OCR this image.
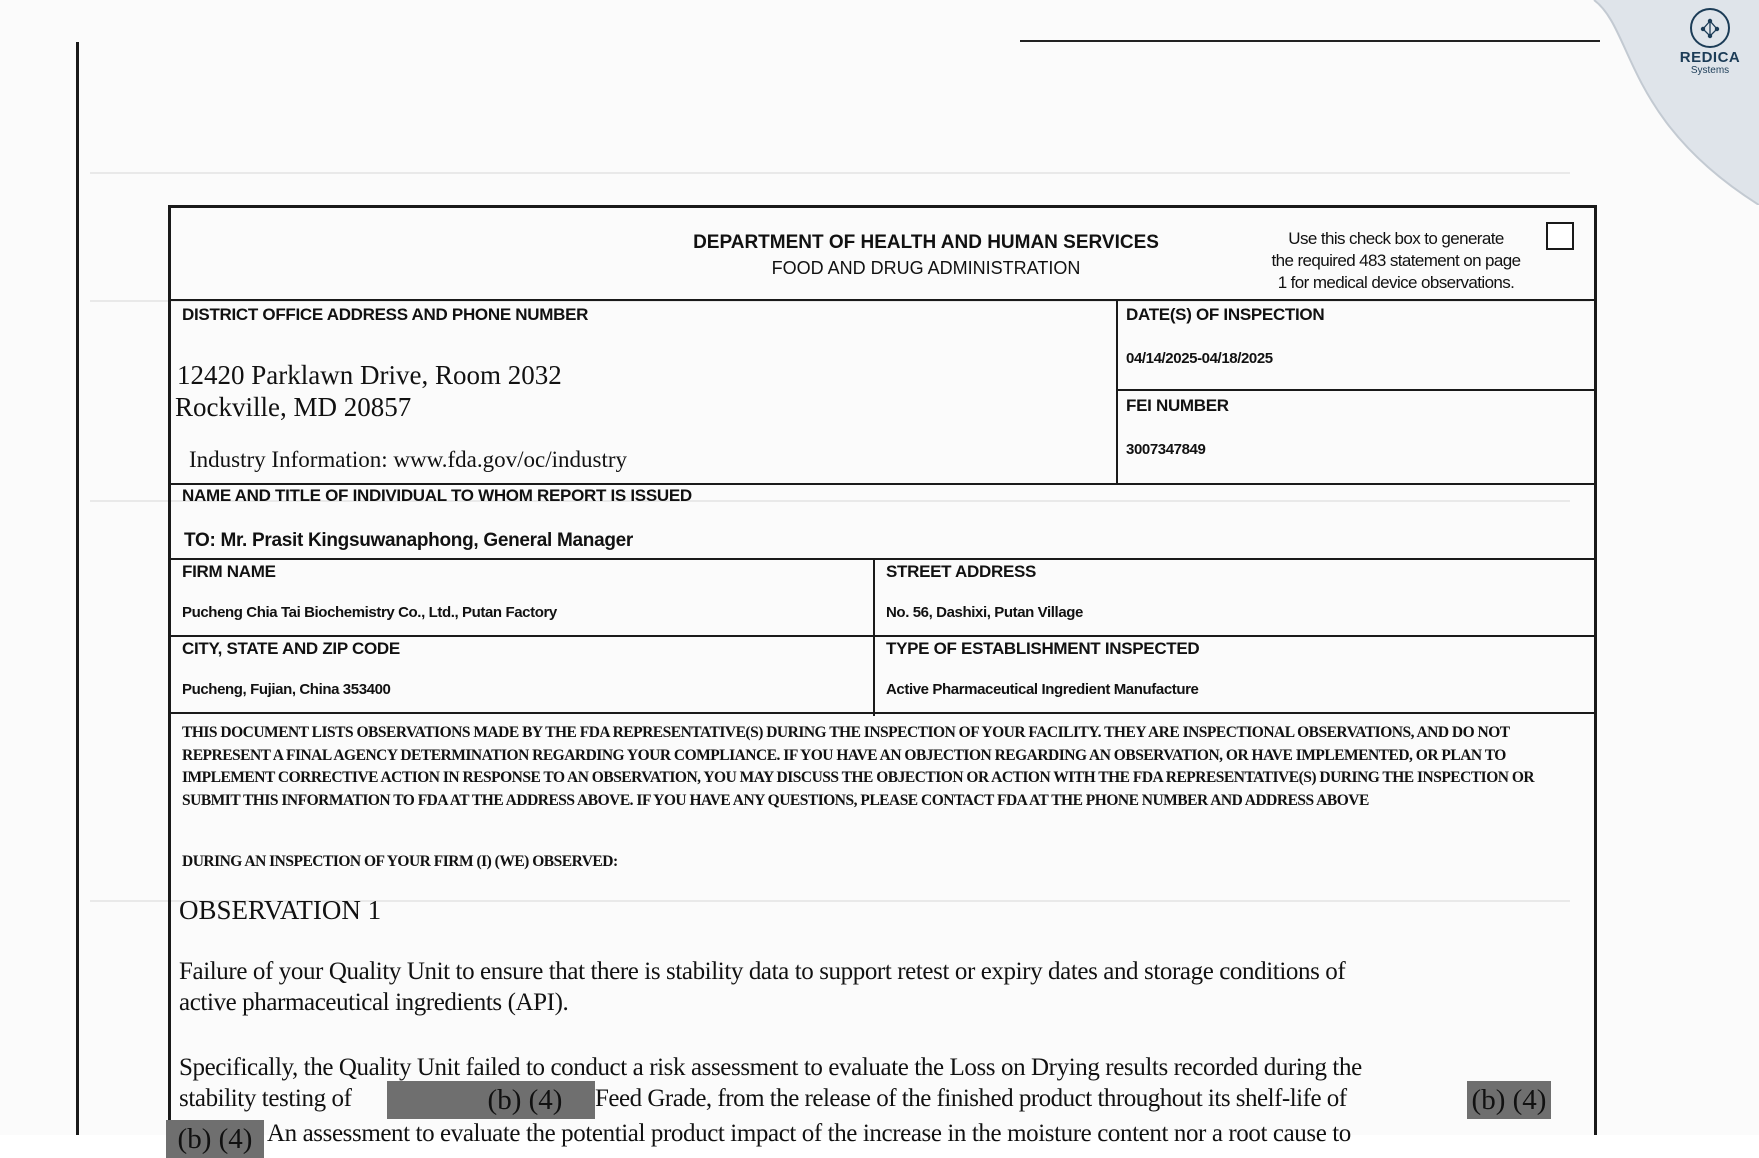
REDICA
Systems
DEPARTMENT OF HEALTH AND HUMAN SERVICES
FOOD AND DRUG ADMINISTRATION
Use this check box to generate
the required 483 statement on page
1 for medical device observations.
DISTRICT OFFICE ADDRESS AND PHONE NUMBER
12420 Parklawn Drive, Room 2032
Rockville, MD 20857
Industry Information: www.fda.gov/oc/industry
DATE(S) OF INSPECTION
04/14/2025-04/18/2025
FEI NUMBER
3007347849
NAME AND TITLE OF INDIVIDUAL TO WHOM REPORT IS ISSUED
TO: Mr. Prasit Kingsuwanaphong, General Manager
FIRM NAME
Pucheng Chia Tai Biochemistry Co., Ltd., Putan Factory
STREET ADDRESS
No. 56, Dashixi, Putan Village
CITY, STATE AND ZIP CODE
Pucheng, Fujian, China 353400
TYPE OF ESTABLISHMENT INSPECTED
Active Pharmaceutical Ingredient Manufacture
THIS DOCUMENT LISTS OBSERVATIONS MADE BY THE FDA REPRESENTATIVE(S) DURING THE INSPECTION OF YOUR FACILITY. THEY ARE INSPECTIONAL OBSERVATIONS, AND DO NOT REPRESENT A FINAL AGENCY DETERMINATION REGARDING YOUR COMPLIANCE. IF YOU HAVE AN OBJECTION REGARDING AN OBSERVATION, OR HAVE IMPLEMENTED, OR PLAN TO IMPLEMENT CORRECTIVE ACTION IN RESPONSE TO AN OBSERVATION, YOU MAY DISCUSS THE OBJECTION OR ACTION WITH THE FDA REPRESENTATIVE(S) DURING THE INSPECTION OR SUBMIT THIS INFORMATION TO FDA AT THE ADDRESS ABOVE. IF YOU HAVE ANY QUESTIONS, PLEASE CONTACT FDA AT THE PHONE NUMBER AND ADDRESS ABOVE
DURING AN INSPECTION OF YOUR FIRM (I) (WE) OBSERVED:
OBSERVATION 1
Failure of your Quality Unit to ensure that there is stability data to support retest or expiry dates and storage conditions of
active pharmaceutical ingredients (API).
Specifically, the Quality Unit failed to conduct a risk assessment to evaluate the Loss on Drying results recorded during the
stability testing of	(b) (4)	Feed Grade, from the release of the finished product throughout its shelf-life of	(b) (4)
(b) (4) An assessment to evaluate the potential product impact of the increase in the moisture content nor a root cause to
